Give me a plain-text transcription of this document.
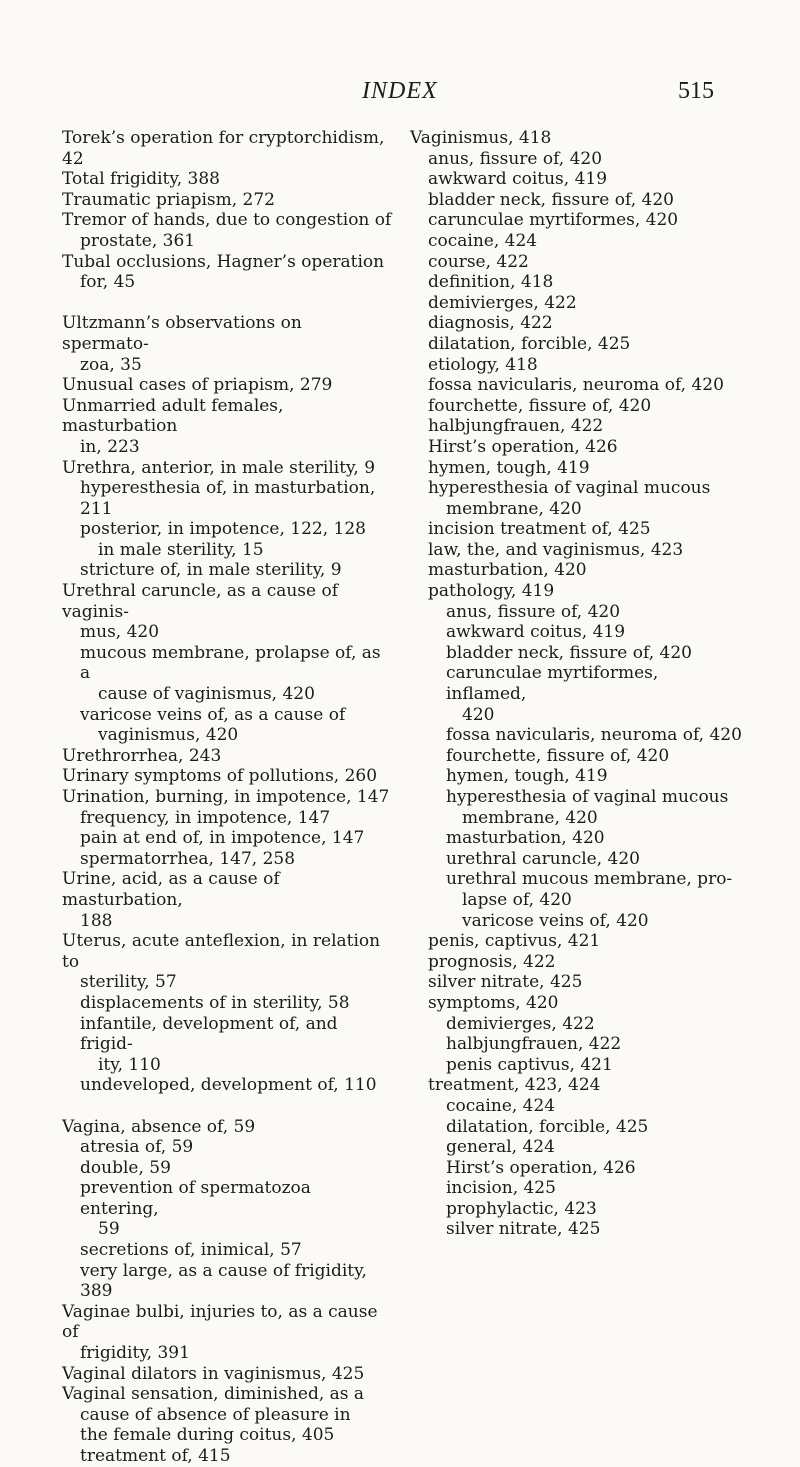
INDEX	515
Torek’s operation for cryptorchidism, 42
Total frigidity, 388
Traumatic priapism, 272
Tremor of hands, due to congestion of
prostate, 361
Tubal occlusions, Hagner’s operation
for, 45
Ultzmann’s observations on spermato-
zoa, 35
Unusual cases of priapism, 279
Unmarried adult females, masturbation
in, 223
Urethra, anterior, in male sterility, 9
hyperesthesia of, in masturbation, 211
posterior, in impotence, 122, 128
in male sterility, 15
stricture of, in male sterility, 9
Urethral caruncle, as a cause of vaginis-
mus, 420
mucous membrane, prolapse of, as a
cause of vaginismus, 420
varicose veins of, as a cause of
vaginismus, 420
Urethrorrhea, 243
Urinary symptoms of pollutions, 260
Urination, burning, in impotence, 147
frequency, in impotence, 147
pain at end of, in impotence, 147
spermatorrhea, 147, 258
Urine, acid, as a cause of masturbation,
188
Uterus, acute anteflexion, in relation to
sterility, 57
displacements of in sterility, 58
infantile, development of, and frigid-
ity, 110
undeveloped, development of, 110
Vagina, absence of, 59
atresia of, 59
double, 59
prevention of spermatozoa entering,
59
secretions of, inimical, 57
very large, as a cause of frigidity, 389
Vaginae bulbi, injuries to, as a cause of
frigidity, 391
Vaginal dilators in vaginismus, 425
Vaginal sensation, diminished, as a
cause of absence of pleasure in
the female during coitus, 405
treatment of, 415
Vaginismus, 418
anus, fissure of, 420
awkward coitus, 419
bladder neck, fissure of, 420
carunculae myrtiformes, 420
cocaine, 424
course, 422
definition, 418
demivierges, 422
diagnosis, 422
dilatation, forcible, 425
etiology, 418
fossa navicularis, neuroma of, 420
fourchette, fissure of, 420
halbjungfrauen, 422
Hirst’s operation, 426
hymen, tough, 419
hyperesthesia of vaginal mucous
membrane, 420
incision treatment of, 425
law, the, and vaginismus, 423
masturbation, 420
pathology, 419
anus, fissure of, 420
awkward coitus, 419
bladder neck, fissure of, 420
carunculae myrtiformes, inflamed,
420
fossa navicularis, neuroma of, 420
fourchette, fissure of, 420
hymen, tough, 419
hyperesthesia of vaginal mucous
membrane, 420
masturbation, 420
urethral caruncle, 420
urethral mucous membrane, pro-
lapse of, 420
varicose veins of, 420
penis, captivus, 421
prognosis, 422
silver nitrate, 425
symptoms, 420
demivierges, 422
halbjungfrauen, 422
penis captivus, 421
treatment, 423, 424
cocaine, 424
dilatation, forcible, 425
general, 424
Hirst’s operation, 426
incision, 425
prophylactic, 423
silver nitrate, 425
